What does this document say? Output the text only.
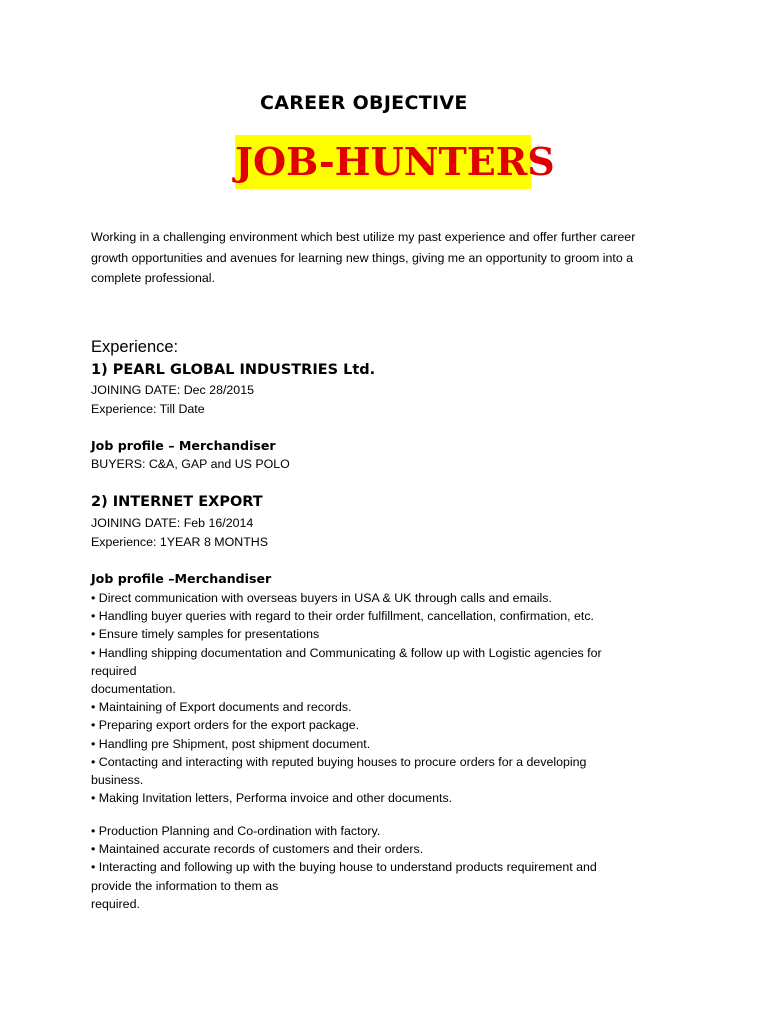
CAREER OBJECTIVE
JOB-HUNTERS
Working in a challenging environment which best utilize my past experience and offer further career
growth opportunities and avenues for learning new things, giving me an opportunity to groom into a
complete professional.
Experience:
1) PEARL GLOBAL INDUSTRIES Ltd.
JOINING DATE: Dec 28/2015
Experience: Till Date
Job profile – Merchandiser
BUYERS: C&A, GAP and US POLO
2) INTERNET EXPORT
JOINING DATE: Feb 16/2014
Experience: 1YEAR 8 MONTHS
Job profile –Merchandiser
• Direct communication with overseas buyers in USA & UK through calls and emails.
• Handling buyer queries with regard to their order fulfillment, cancellation, confirmation, etc.
• Ensure timely samples for presentations
• Handling shipping documentation and Communicating & follow up with Logistic agencies for
required
documentation.
• Maintaining of Export documents and records.
• Preparing export orders for the export package.
• Handling pre Shipment, post shipment document.
• Contacting and interacting with reputed buying houses to procure orders for a developing
business.
• Making Invitation letters, Performa invoice and other documents.
• Production Planning and Co-ordination with factory.
• Maintained accurate records of customers and their orders.
• Interacting and following up with the buying house to understand products requirement and
provide the information to them as
required.
